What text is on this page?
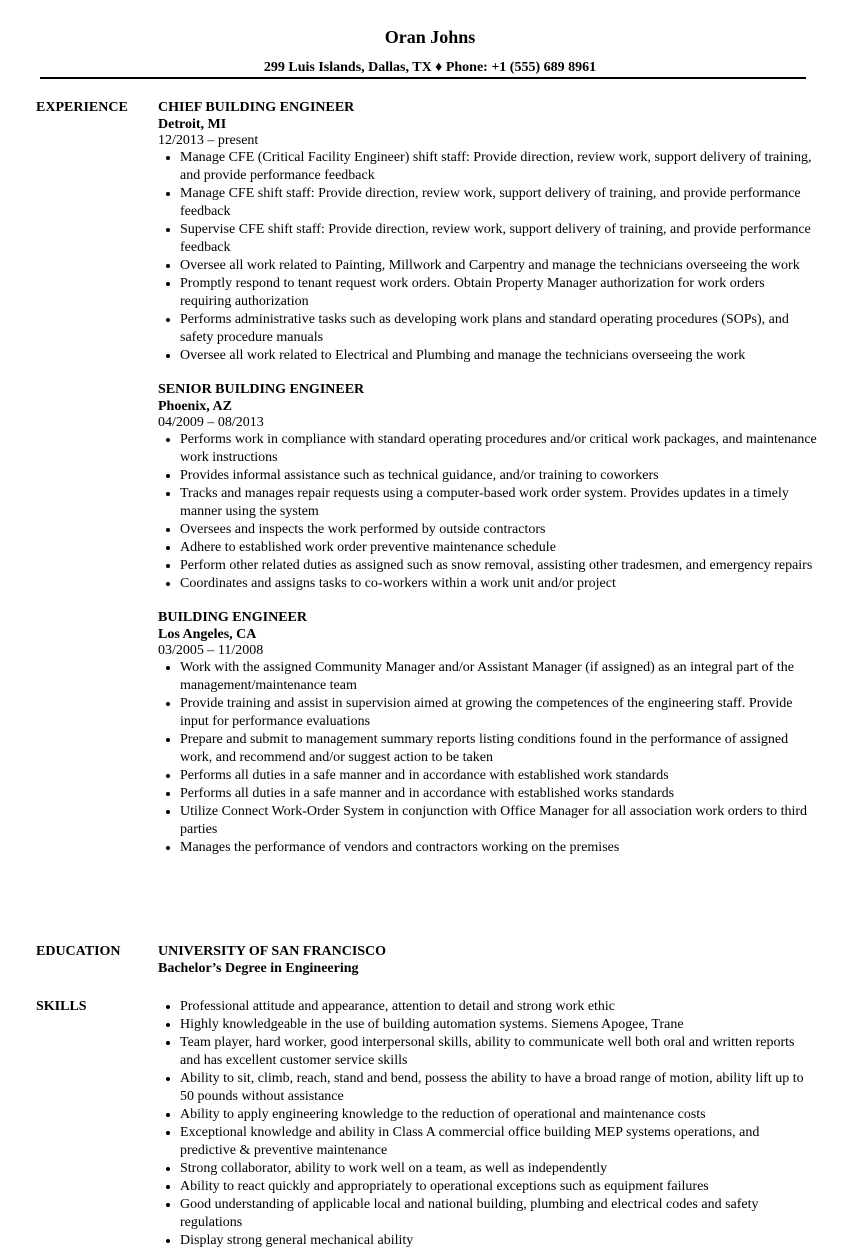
Oran Johns
299 Luis Islands, Dallas, TX ♦ Phone: +1 (555) 689 8961
EXPERIENCE CHIEF BUILDING ENGINEER
Detroit, MI
12/2013 – present
• Manage CFE (Critical Facility Engineer) shift staff: Provide direction, review work, support delivery of training, and provide performance feedback
• Manage CFE shift staff: Provide direction, review work, support delivery of training, and provide performance feedback
• Supervise CFE shift staff: Provide direction, review work, support delivery of training, and provide performance feedback
• Oversee all work related to Painting, Millwork and Carpentry and manage the technicians overseeing the work
• Promptly respond to tenant request work orders. Obtain Property Manager authorization for work orders requiring authorization
• Performs administrative tasks such as developing work plans and standard operating procedures (SOPs), and safety procedure manuals
• Oversee all work related to Electrical and Plumbing and manage the technicians overseeing the work
SENIOR BUILDING ENGINEER
Phoenix, AZ
04/2009 – 08/2013
• Performs work in compliance with standard operating procedures and/or critical work packages, and maintenance work instructions
• Provides informal assistance such as technical guidance, and/or training to coworkers
• Tracks and manages repair requests using a computer-based work order system. Provides updates in a timely manner using the system
• Oversees and inspects the work performed by outside contractors
• Adhere to established work order preventive maintenance schedule
• Perform other related duties as assigned such as snow removal, assisting other tradesmen, and emergency repairs
• Coordinates and assigns tasks to co-workers within a work unit and/or project
BUILDING ENGINEER
Los Angeles, CA
03/2005 – 11/2008
• Work with the assigned Community Manager and/or Assistant Manager (if assigned) as an integral part of the management/maintenance team
• Provide training and assist in supervision aimed at growing the competences of the engineering staff. Provide input for performance evaluations
• Prepare and submit to management summary reports listing conditions found in the performance of assigned work, and recommend and/or suggest action to be taken
• Performs all duties in a safe manner and in accordance with established work standards
• Performs all duties in a safe manner and in accordance with established works standards
• Utilize Connect Work-Order System in conjunction with Office Manager for all association work orders to third parties
• Manages the performance of vendors and contractors working on the premises
EDUCATION	UNIVERSITY OF SAN FRANCISCO
Bachelor’s Degree in Engineering
SKILLS
•	Professional attitude and appearance, attention to detail and strong work ethic
• Highly knowledgeable in the use of building automation systems. Siemens Apogee, Trane
• Team player, hard worker, good interpersonal skills, ability to communicate well both oral and written reports and has excellent customer service skills
• Ability to sit, climb, reach, stand and bend, possess the ability to have a broad range of motion, ability lift up to 50 pounds without assistance
• Ability to apply engineering knowledge to the reduction of operational and maintenance costs
• Exceptional knowledge and ability in Class A commercial office building MEP systems operations, and predictive & preventive maintenance
• Strong collaborator, ability to work well on a team, as well as independently
• Ability to react quickly and appropriately to operational exceptions such as equipment failures
• Good understanding of applicable local and national building, plumbing and electrical codes and safety regulations
• Display strong general mechanical ability
